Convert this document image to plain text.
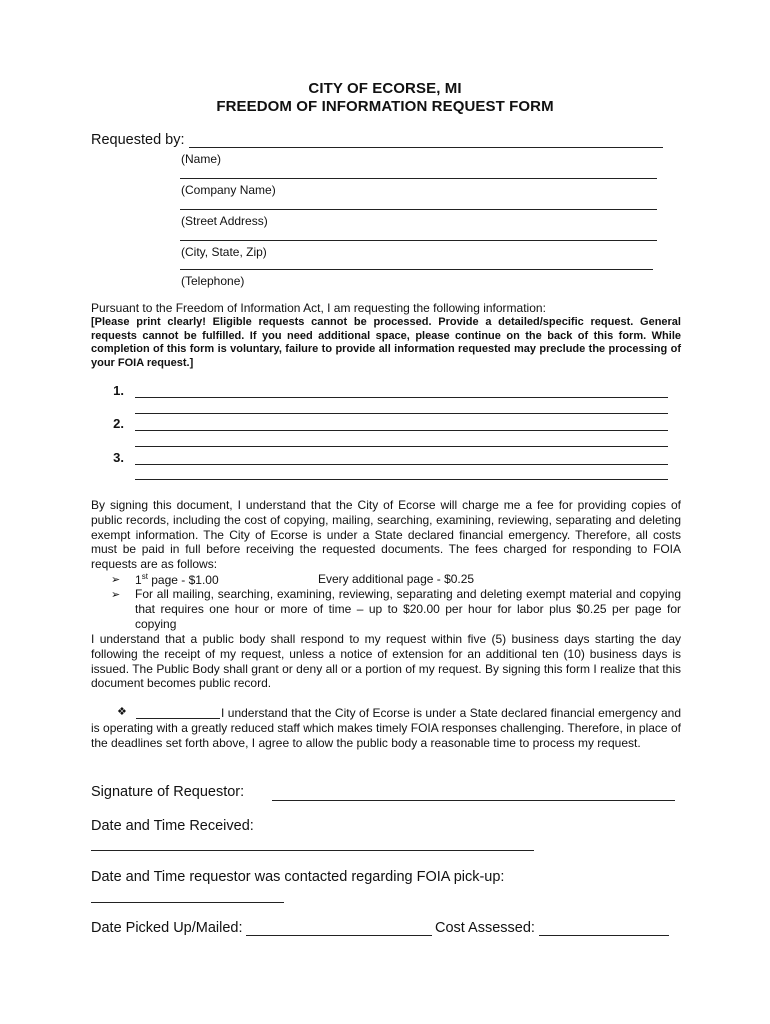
CITY OF ECORSE, MI
FREEDOM OF INFORMATION REQUEST FORM
Requested by:
(Name)
(Company Name)
(Street Address)
(City, State, Zip)
(Telephone)
Pursuant to the Freedom of Information Act, I am requesting the following information:
[Please print clearly! Eligible requests cannot be processed. Provide a detailed/specific request. General requests cannot be fulfilled. If you need additional space, please continue on the back of this form. While completion of this form is voluntary, failure to provide all information requested may preclude the processing of your FOIA request.]
1.
2.
3.
By signing this document, I understand that the City of Ecorse will charge me a fee for providing copies of public records, including the cost of copying, mailing, searching, examining, reviewing, separating and deleting exempt information. The City of Ecorse is under a State declared financial emergency. Therefore, all costs must be paid in full before receiving the requested documents. The fees charged for responding to FOIA requests are as follows:
➢ 1st page - $1.00	Every additional page - $0.25
➢ For all mailing, searching, examining, reviewing, separating and deleting exempt material and copying that requires one hour or more of time – up to $20.00 per hour for labor plus $0.25 per page for copying
I understand that a public body shall respond to my request within five (5) business days starting the day following the receipt of my request, unless a notice of extension for an additional ten (10) business days is issued. The Public Body shall grant or deny all or a portion of my request. By signing this form I realize that this document becomes public record.
❖	I understand that the City of Ecorse is under a State declared financial emergency and is operating with a greatly reduced staff which makes timely FOIA responses challenging. Therefore, in place of the deadlines set forth above, I agree to allow the public body a reasonable time to process my request.
Signature of Requestor:
Date and Time Received:
Date and Time requestor was contacted regarding FOIA pick-up:
Date Picked Up/Mailed:	Cost Assessed:
